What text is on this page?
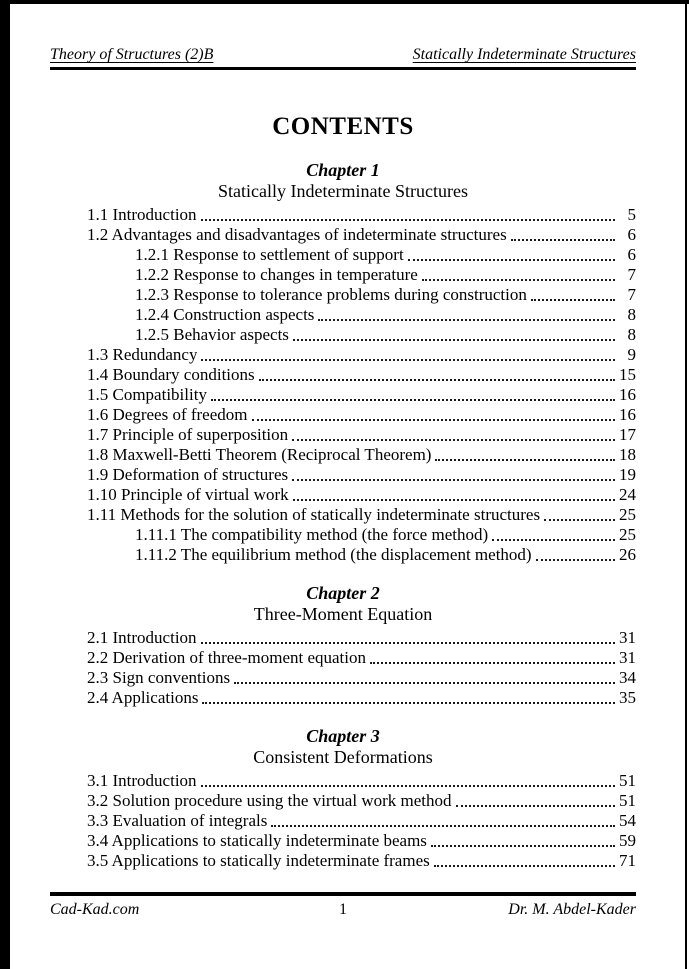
Theory of Structures (2)B	Statically Indeterminate Structures
CONTENTS
Chapter 1
Statically Indeterminate Structures
1.1 Introduction	5
1.2 Advantages and disadvantages of indeterminate structures	6
1.2.1 Response to settlement of support	6
1.2.2 Response to changes in temperature	7
1.2.3 Response to tolerance problems during construction	7
1.2.4 Construction aspects	8
1.2.5 Behavior aspects	8
1.3 Redundancy	9
1.4 Boundary conditions	15
1.5 Compatibility	16
1.6 Degrees of freedom	16
1.7 Principle of superposition	17
1.8 Maxwell-Betti Theorem (Reciprocal Theorem)	18
1.9 Deformation of structures	19
1.10 Principle of virtual work	24
1.11 Methods for the solution of statically indeterminate structures	25
1.11.1 The compatibility method (the force method)	25
1.11.2 The equilibrium method (the displacement method)	26
Chapter 2
Three-Moment Equation
2.1 Introduction	31
2.2 Derivation of three-moment equation	31
2.3 Sign conventions	34
2.4 Applications	35
Chapter 3
Consistent Deformations
3.1 Introduction	51
3.2 Solution procedure using the virtual work method	51
3.3 Evaluation of integrals	54
3.4 Applications to statically indeterminate beams	59
3.5 Applications to statically indeterminate frames	71
Cad-Kad.com	1	Dr. M. Abdel-Kader
